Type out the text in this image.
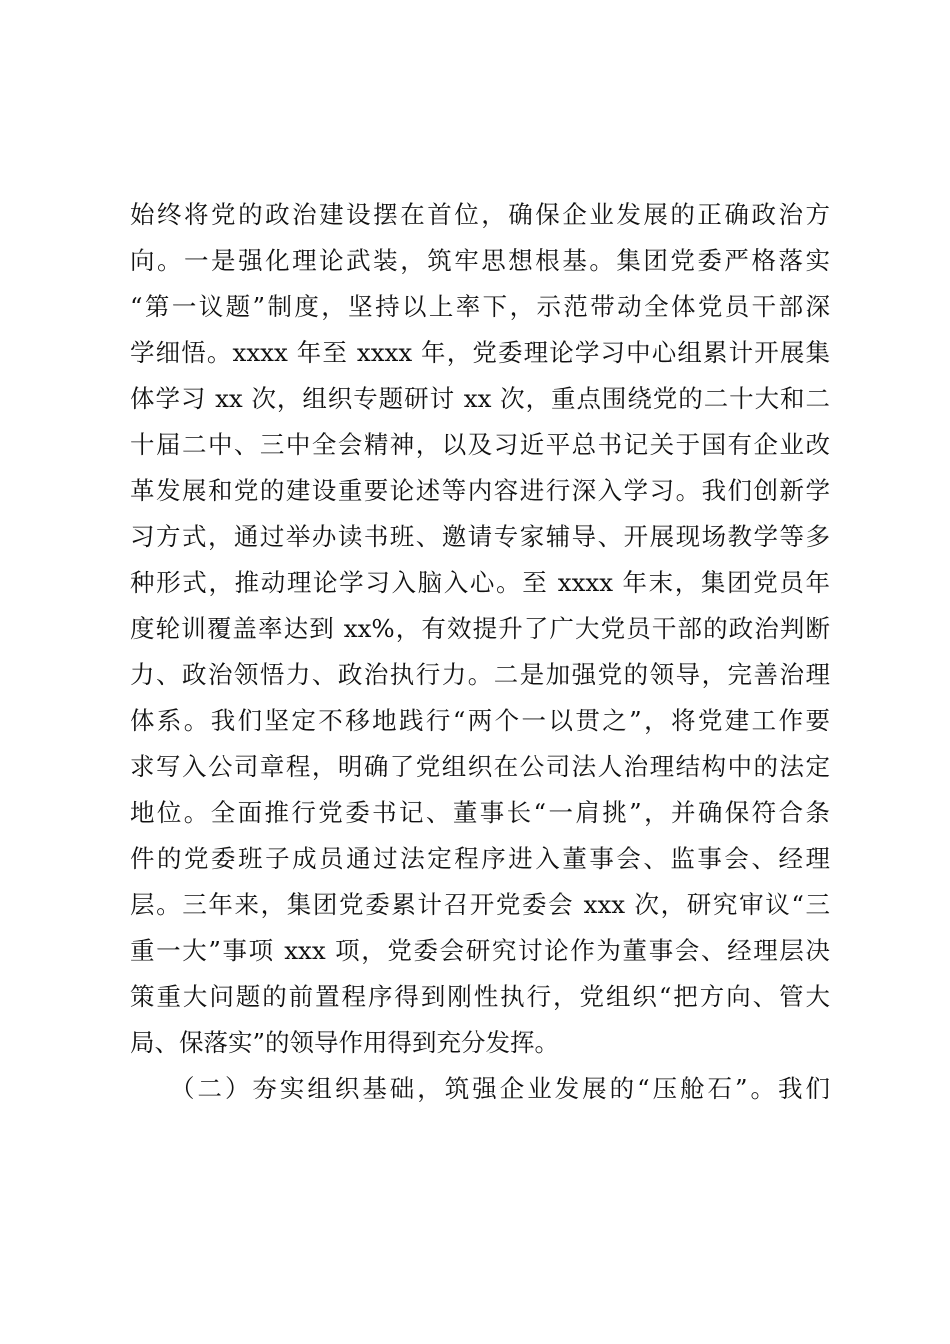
始终将党的政治建设摆在首位，确保企业发展的正确政治方
向。一是强化理论武装，筑牢思想根基。集团党委严格落实
“第一议题”制度，坚持以上率下，示范带动全体党员干部深
学细悟。xxxx 年至 xxxx 年，党委理论学习中心组累计开展集
体学习 xx 次，组织专题研讨 xx 次，重点围绕党的二十大和二
十届二中、三中全会精神，以及习近平总书记关于国有企业改
革发展和党的建设重要论述等内容进行深入学习。我们创新学
习方式，通过举办读书班、邀请专家辅导、开展现场教学等多
种形式，推动理论学习入脑入心。至 xxxx 年末，集团党员年
度轮训覆盖率达到 xx%，有效提升了广大党员干部的政治判断
力、政治领悟力、政治执行力。二是加强党的领导，完善治理
体系。我们坚定不移地践行“两个一以贯之”，将党建工作要
求写入公司章程，明确了党组织在公司法人治理结构中的法定
地位。全面推行党委书记、董事长“一肩挑”，并确保符合条
件的党委班子成员通过法定程序进入董事会、监事会、经理
层。三年来，集团党委累计召开党委会 xxx 次，研究审议“三
重一大”事项 xxx 项，党委会研究讨论作为董事会、经理层决
策重大问题的前置程序得到刚性执行，党组织“把方向、管大
局、保落实”的领导作用得到充分发挥。
（二）夯实组织基础，筑强企业发展的“压舱石”。我们
